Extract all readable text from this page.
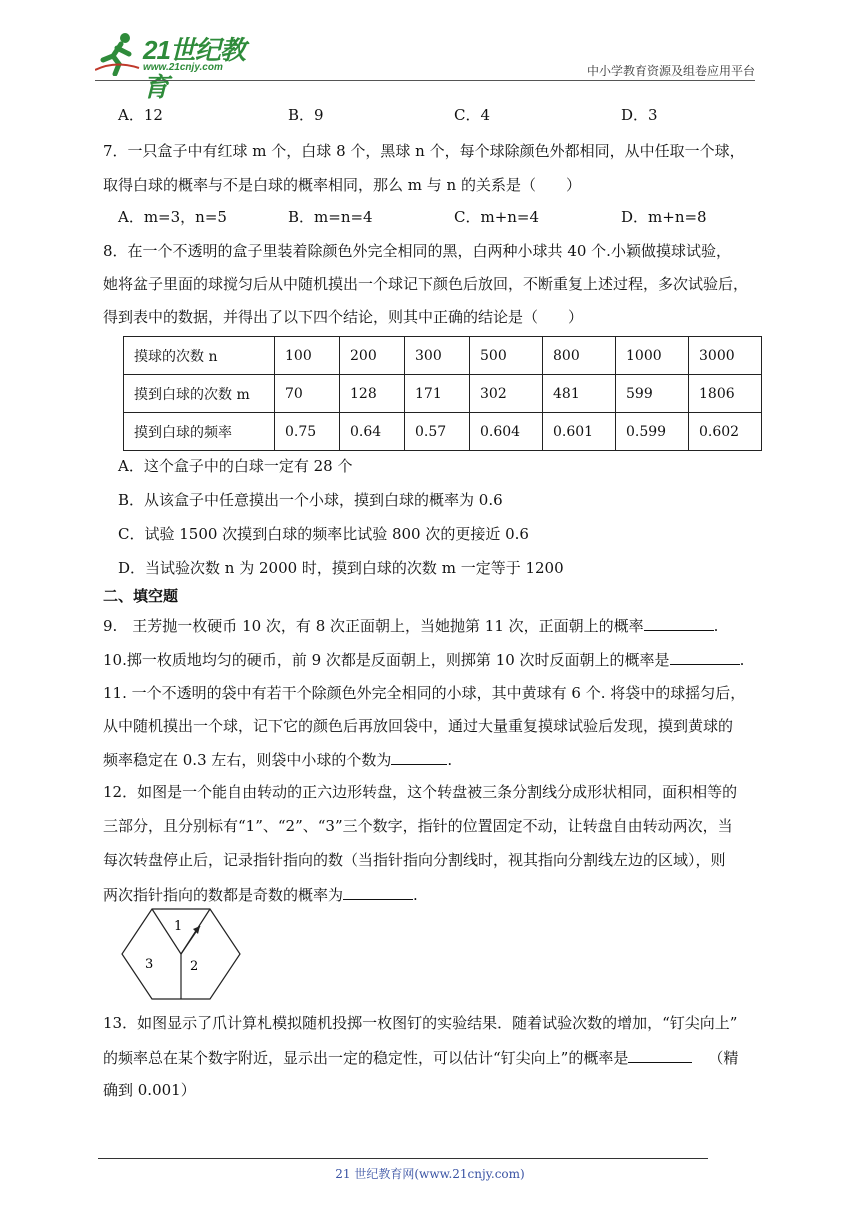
21世纪教育
www.21cnjy.com	中小学教育资源及组卷应用平台
A．12	B．9	C．4	D．3
7．一只盒子中有红球 m 个，白球 8 个，黑球 n 个，每个球除颜色外都相同，从中任取一个球，
取得白球的概率与不是白球的概率相同，那么 m 与 n 的关系是（　　）
A．m=3，n=5	B．m=n=4	C．m+n=4	D．m+n=8
8．在一个不透明的盒子里装着除颜色外完全相同的黑，白两种小球共 40 个.小颖做摸球试验，
她将盆子里面的球搅匀后从中随机摸出一个球记下颜色后放回，不断重复上述过程，多次试验后，
得到表中的数据，并得出了以下四个结论，则其中正确的结论是（　　）
摸球的次数 n	100	200	300	500	800	1000	3000
摸到白球的次数 m	70	128	171	302	481	599	1806
摸到白球的频率	0.75	0.64	0.57	0.604	0.601	0.599	0.602
A．这个盒子中的白球一定有 28 个
B．从该盒子中任意摸出一个小球，摸到白球的概率为 0.6
C．试验 1500 次摸到白球的频率比试验 800 次的更接近 0.6
D．当试验次数 n 为 2000 时，摸到白球的次数 m 一定等于 1200
二、填空题
9.　王芳抛一枚硬币 10 次，有 8 次正面朝上，当她抛第 11 次，正面朝上的概率	.
10.掷一枚质地均匀的硬币，前 9 次都是反面朝上，则掷第 10 次时反面朝上的概率是	.
11. 一个不透明的袋中有若干个除颜色外完全相同的小球，其中黄球有 6 个. 将袋中的球摇匀后，
从中随机摸出一个球，记下它的颜色后再放回袋中，通过大量重复摸球试验后发现，摸到黄球的
频率稳定在 0.3 左右，则袋中小球的个数为	.
12．如图是一个能自由转动的正六边形转盘，这个转盘被三条分割线分成形状相同，面积相等的
三部分，且分别标有“1”、“2”、“3”三个数字，指针的位置固定不动，让转盘自由转动两次，当
每次转盘停止后，记录指针指向的数（当指针指向分割线时，视其指向分割线左边的区域），则
两次指针指向的数都是奇数的概率为	.
1
2
3
13．如图显示了爪计算札模拟随机投掷一枚图钉的实验结果．随着试验次数的增加，“钉尖向上”
的频率总在某个数字附近，显示出一定的稳定性，可以估计“钉尖向上”的概率是	（精
确到 0.001）
21 世纪教育网(www.21cnjy.com)
